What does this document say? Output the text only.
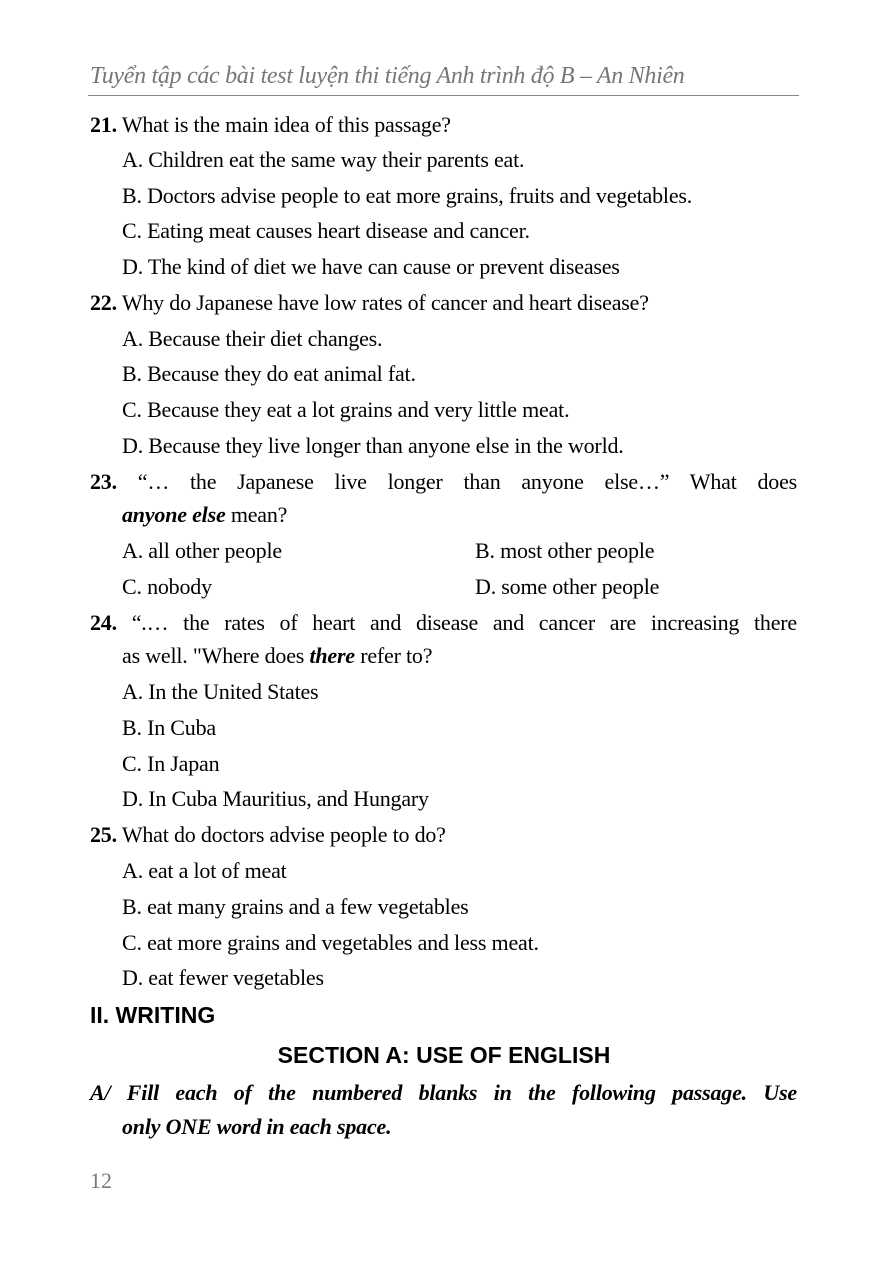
Tuyển tập các bài test luyện thi tiếng Anh trình độ B – An Nhiên
21. What is the main idea of this passage?
A. Children eat the same way their parents eat.
B. Doctors advise people to eat more grains, fruits and vegetables.
C. Eating meat causes heart disease and cancer.
D. The kind of diet we have can cause or prevent diseases
22. Why do Japanese have low rates of cancer and heart disease?
A. Because their diet changes.
B. Because they do eat animal fat.
C. Because they eat a lot grains and very little meat.
D. Because they live longer than anyone else in the world.
23. “… the Japanese live longer than anyone else…” What does
anyone else mean?
A. all other people	B. most other people
C. nobody	D. some other people
24. “.… the rates of heart and disease and cancer are increasing there
as well. "Where does there refer to?
A. In the United States
B. In Cuba
C. In Japan
D. In Cuba Mauritius, and Hungary
25. What do doctors advise people to do?
A. eat a lot of meat
B. eat many grains and a few vegetables
C. eat more grains and vegetables and less meat.
D. eat fewer vegetables
II. WRITING
SECTION A: USE OF ENGLISH
A/ Fill each of the numbered blanks in the following passage. Use
only ONE word in each space.
12
